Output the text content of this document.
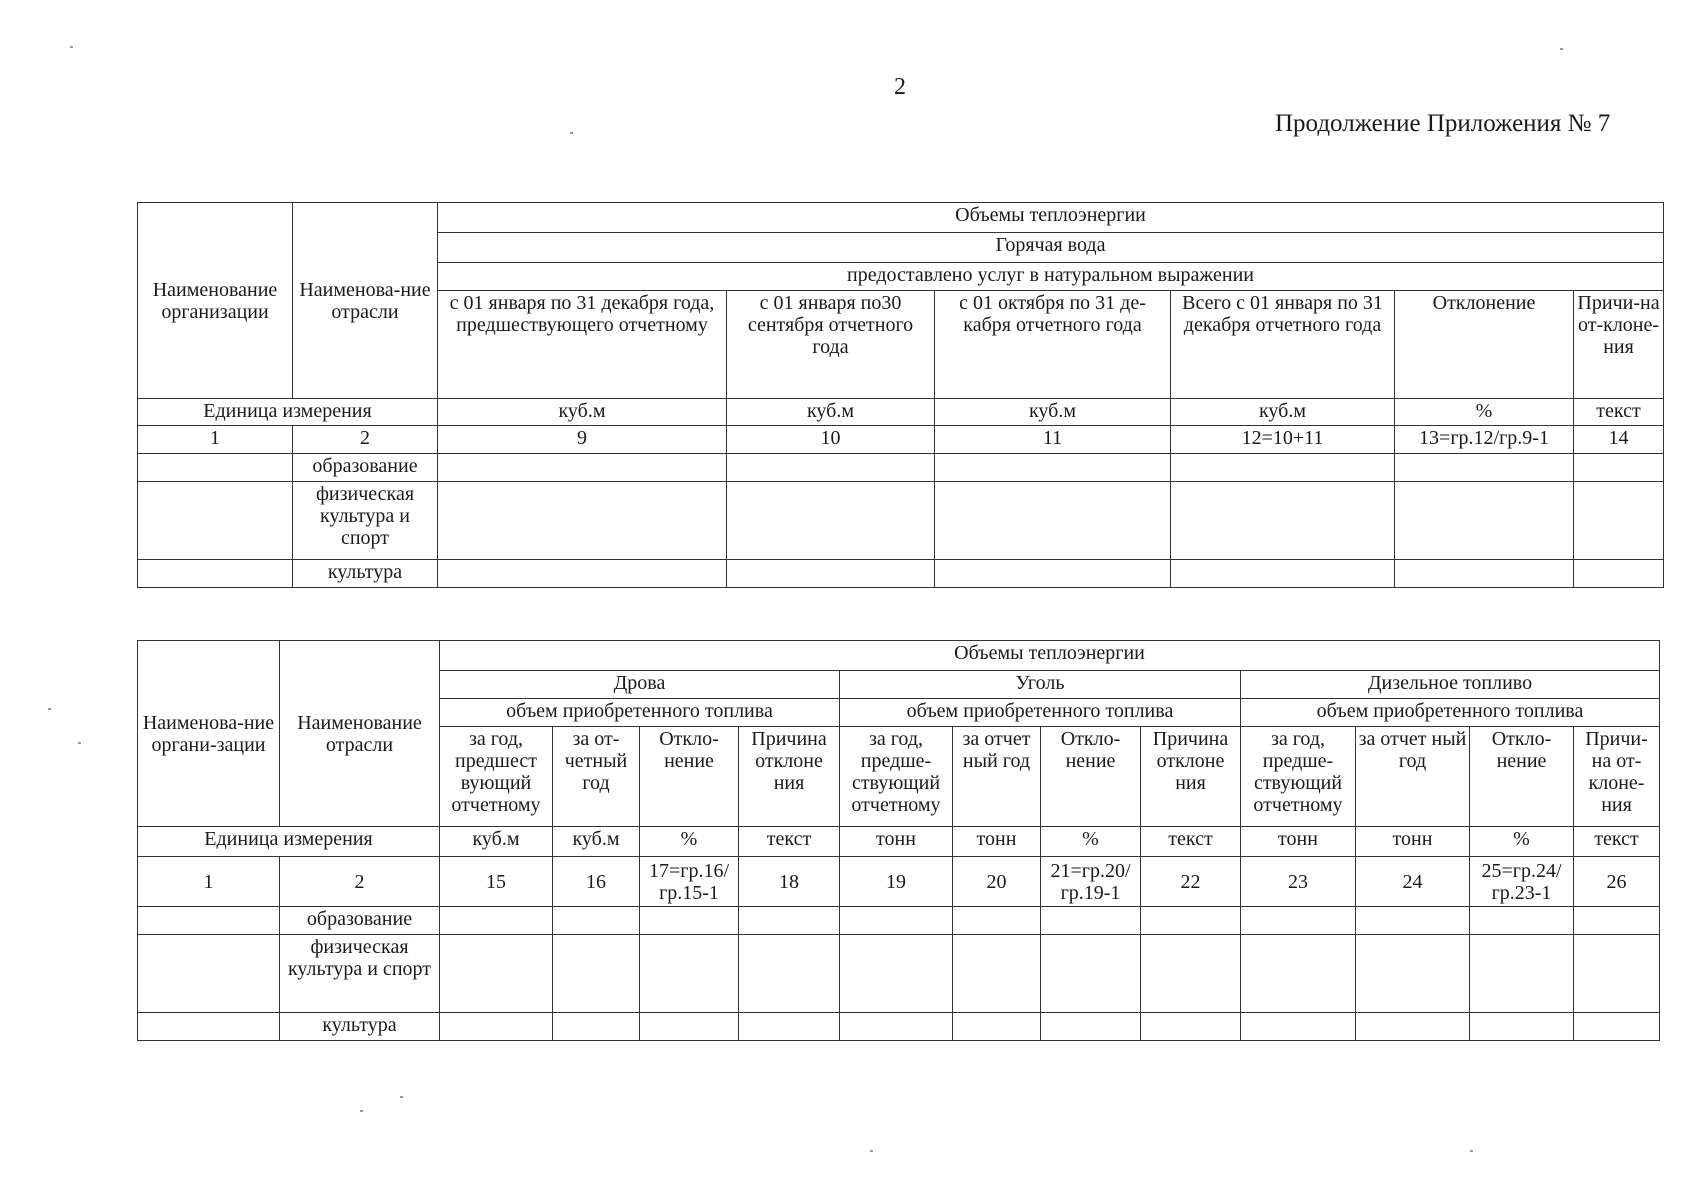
2
Продолжение Приложения № 7
Наименование организации	Наименова-ние отрасли	Объемы теплоэнергии					
		Горячая вода					
		предоставлено услуг в натуральном выражении					
		с 01 января по 31 декабря года, предшествующего отчетному	с 01 января по30 сентября отчетного года	с 01 октября по 31 де-кабря отчетного года	Всего с 01 января по 31 декабря отчетного года	Отклонение	Причи-на от-клоне-ния
Единица измерения		куб.м	куб.м	куб.м	куб.м	%	текст
1	2	9	10	11	12=10+11	13=гр.12/гр.9-1	14
	образование						
	физическая культура и спорт						
	культура						
Наименова-ние органи-зации	Наименование отрасли	Объемы теплоэнергии											
		Дрова				Уголь				Дизельное топливо			
		объем приобретенного топлива				объем приобретенного топлива				объем приобретенного топлива			
		за год, предшест вующий отчетному	за от-четный год	Откло-нение	Причина отклоне ния	за год, предше-ствующий отчетному	за отчет ный год	Откло-нение	Причина отклоне ния	за год, предше-ствующий отчетному	за отчет ный год	Откло-нение	Причи-на от-клоне-ния
Единица измерения		куб.м	куб.м	%	текст	тонн	тонн	%	текст	тонн	тонн	%	текст
1	2	15	16	17=гр.16/ гр.15-1	18	19	20	21=гр.20/ гр.19-1	22	23	24	25=гр.24/ гр.23-1	26
	образование												
	физическая культура и спорт												
	культура												
